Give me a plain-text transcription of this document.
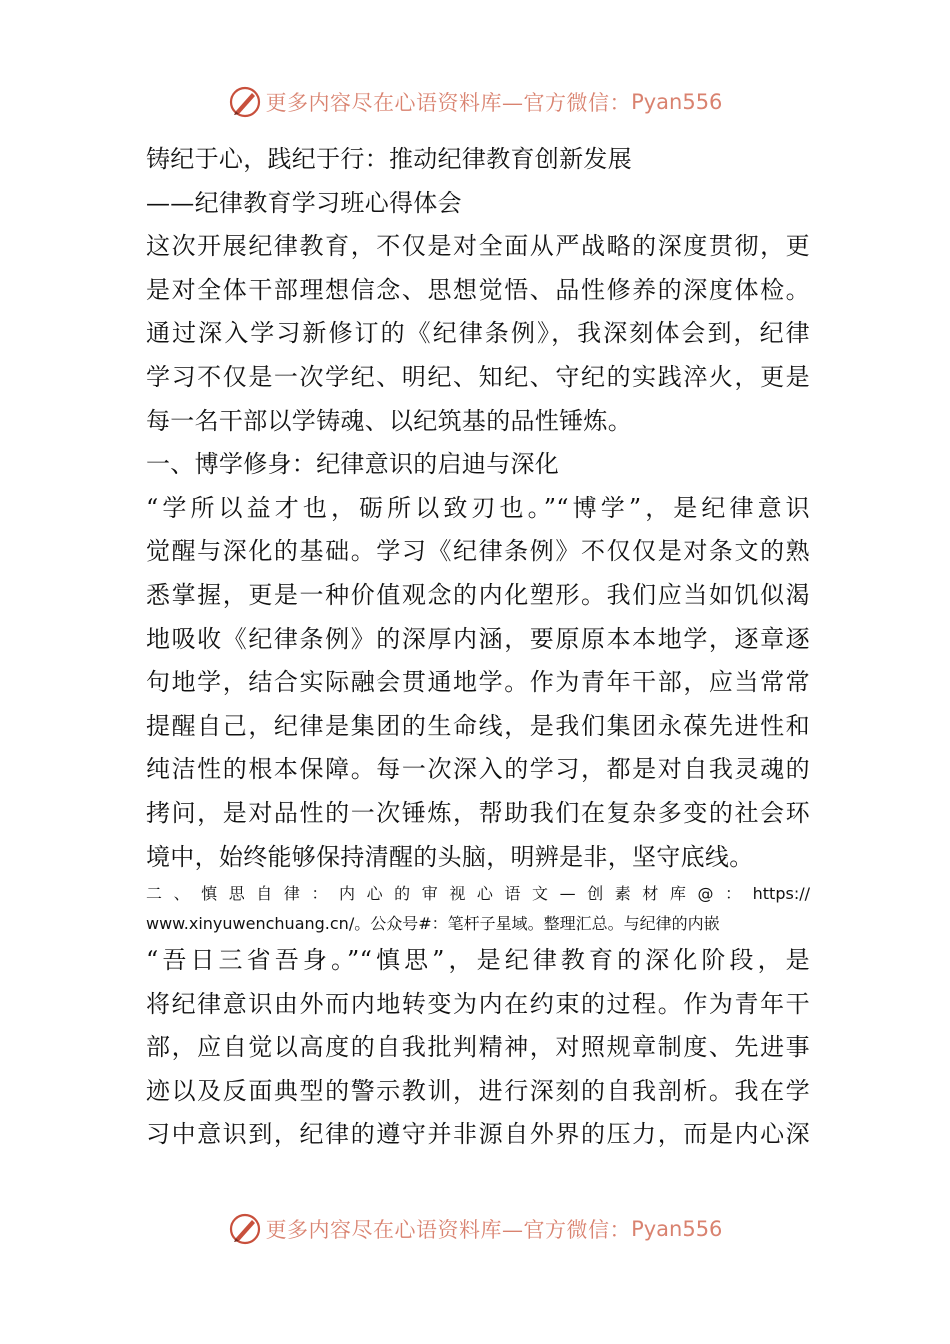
更多内容尽在心语资料库—官方微信： Pyan556
铸纪于心，践纪于行：推动纪律教育创新发展
——纪律教育学习班心得体会
这次开展纪律教育，不仅是对全面从严战略的深度贯彻，更
是对全体干部理想信念、思想觉悟、品性修养的深度体检。
通过深入学习新修订的《纪律条例》，我深刻体会到，纪律
学习不仅是一次学纪、明纪、知纪、守纪的实践淬火，更是
每一名干部以学铸魂、以纪筑基的品性锤炼。
一、博学修身：纪律意识的启迪与深化
“学所以益才也，砺所以致刃也。”“博学”，是纪律意识
觉醒与深化的基础。学习《纪律条例》不仅仅是对条文的熟
悉掌握，更是一种价值观念的内化塑形。我们应当如饥似渴
地吸收《纪律条例》的深厚内涵，要原原本本地学，逐章逐
句地学，结合实际融会贯通地学。作为青年干部，应当常常
提醒自己，纪律是集团的生命线，是我们集团永葆先进性和
纯洁性的根本保障。每一次深入的学习，都是对自我灵魂的
拷问，是对品性的一次锤炼，帮助我们在复杂多变的社会环
境中，始终能够保持清醒的头脑，明辨是非，坚守底线。
二、慎思自律：内心的审视心语文—创素材库@：https://
www.xinyuwenchuang.cn/。公众号#：笔杆子星域。整理汇总。与纪律的内嵌
“吾日三省吾身。”“慎思”，是纪律教育的深化阶段，是
将纪律意识由外而内地转变为内在约束的过程。作为青年干
部，应自觉以高度的自我批判精神，对照规章制度、先进事
迹以及反面典型的警示教训，进行深刻的自我剖析。我在学
习中意识到，纪律的遵守并非源自外界的压力，而是内心深
更多内容尽在心语资料库—官方微信： Pyan556
